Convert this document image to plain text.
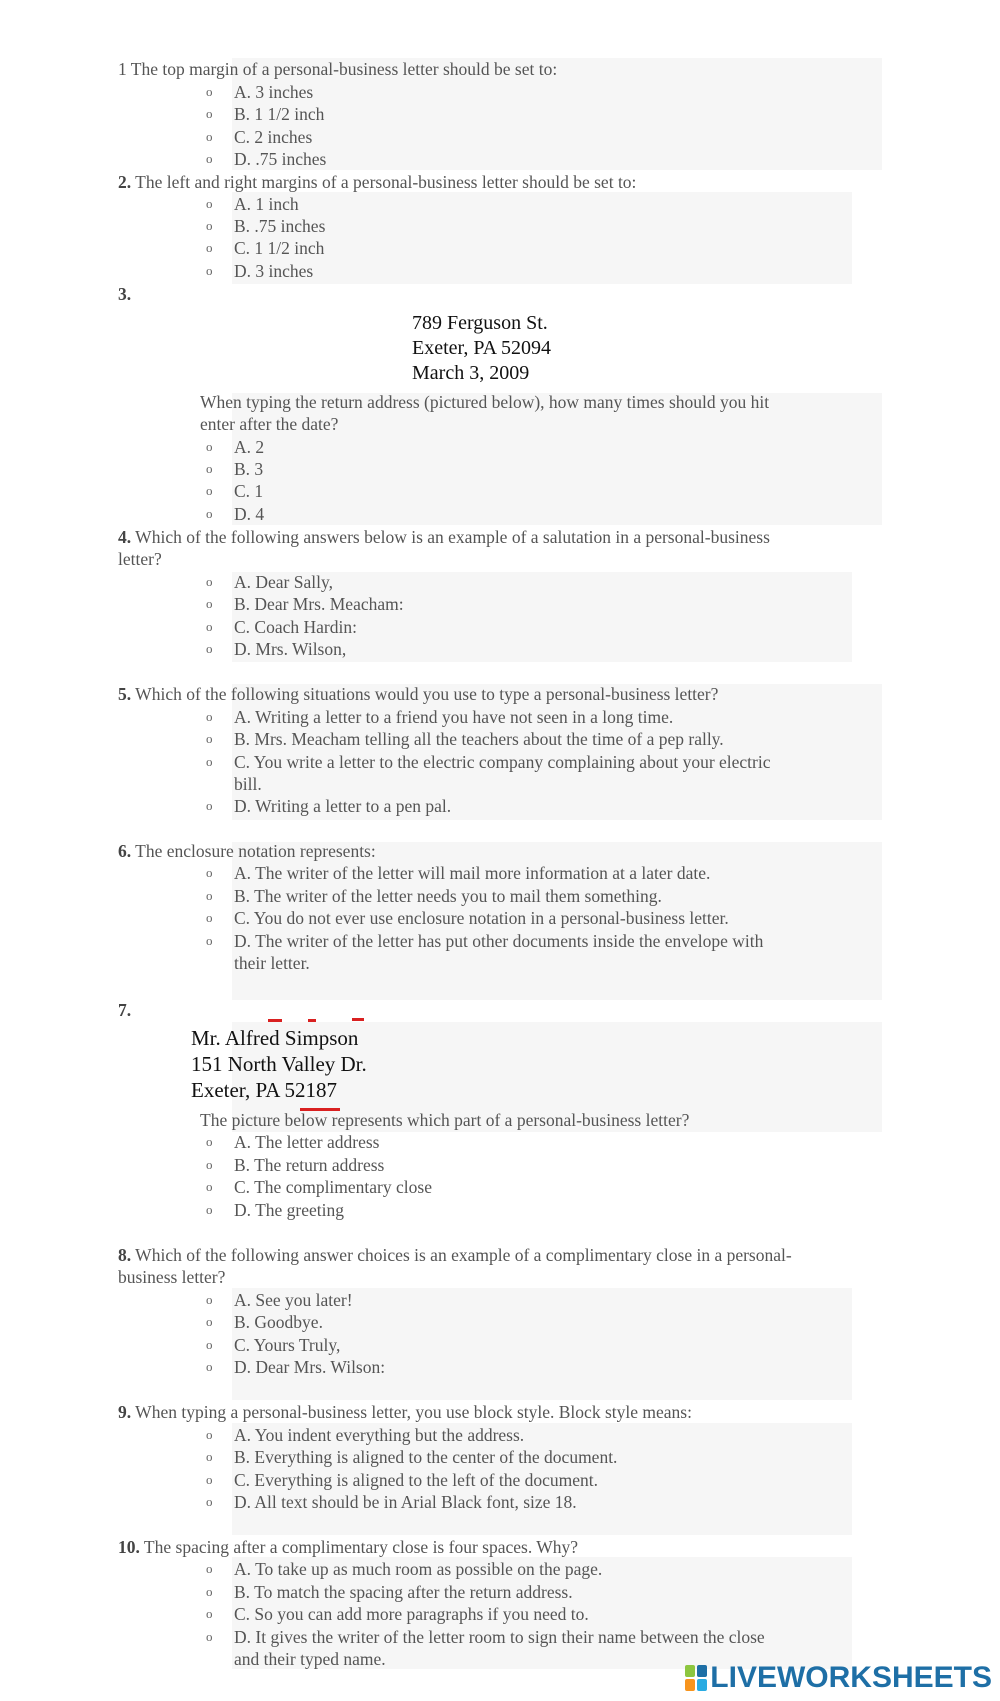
1 The top margin of a personal-business letter should be set to:
o A. 3 inches
o B. 1 1/2 inch
o C. 2 inches
o D. .75 inches
2. The left and right margins of a personal-business letter should be set to:
o A. 1 inch
o B. .75 inches
o C. 1 1/2 inch
o D. 3 inches
3.
789 Ferguson St.
Exeter, PA 52094
March 3, 2009
When typing the return address (pictured below), how many times should you hit
enter after the date?
o A. 2
o B. 3
o C. 1
o D. 4
4. Which of the following answers below is an example of a salutation in a personal-business
letter?
o A. Dear Sally,
o B. Dear Mrs. Meacham:
o C. Coach Hardin:
o D. Mrs. Wilson,
5. Which of the following situations would you use to type a personal-business letter?
o A. Writing a letter to a friend you have not seen in a long time.
o B. Mrs. Meacham telling all the teachers about the time of a pep rally.
o C. You write a letter to the electric company complaining about your electric
bill.
o D. Writing a letter to a pen pal.
6. The enclosure notation represents:
o A. The writer of the letter will mail more information at a later date.
o B. The writer of the letter needs you to mail them something.
o C. You do not ever use enclosure notation in a personal-business letter.
o D. The writer of the letter has put other documents inside the envelope with
their letter.
7.
Mr. Alfred Simpson
151 North Valley Dr.
Exeter, PA 52187
The picture below represents which part of a personal-business letter?
o A. The letter address
o B. The return address
o C. The complimentary close
o D. The greeting
8. Which of the following answer choices is an example of a complimentary close in a personal-
business letter?
o A. See you later!
o B. Goodbye.
o C. Yours Truly,
o D. Dear Mrs. Wilson:
9. When typing a personal-business letter, you use block style. Block style means:
o A. You indent everything but the address.
o B. Everything is aligned to the center of the document.
o C. Everything is aligned to the left of the document.
o D. All text should be in Arial Black font, size 18.
10. The spacing after a complimentary close is four spaces. Why?
o A. To take up as much room as possible on the page.
o B. To match the spacing after the return address.
o C. So you can add more paragraphs if you need to.
o D. It gives the writer of the letter room to sign their name between the close
and their typed name.
LIVEWORKSHEETS
